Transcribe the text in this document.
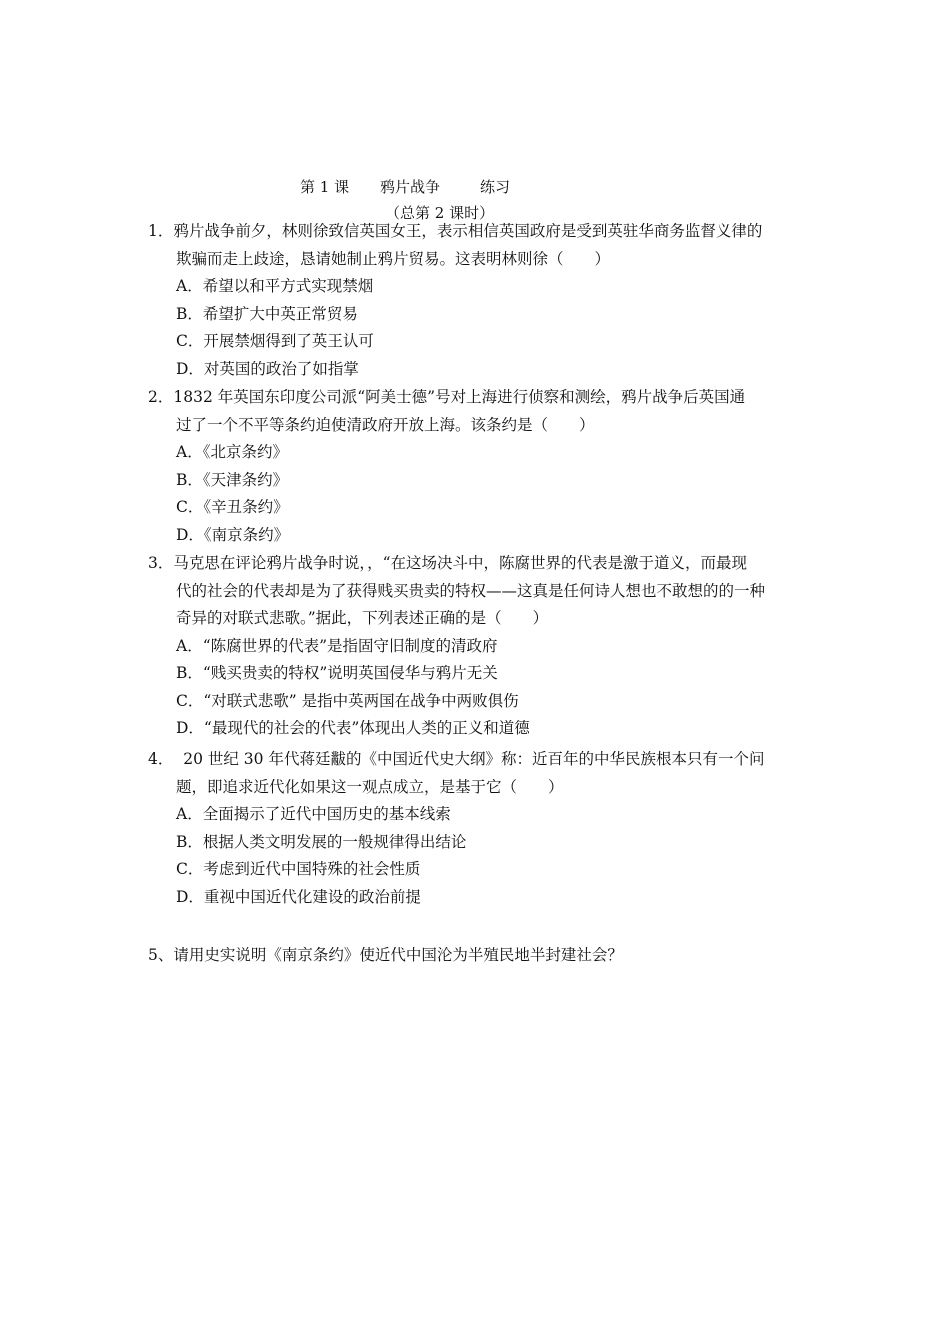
第 1 课 鸦片战争	练习
（总第 2 课时）
1．鸦片战争前夕，林则徐致信英国女王，表示相信英国政府是受到英驻华商务监督义律的
欺骗而走上歧途，恳请她制止鸦片贸易。这表明林则徐（　　）
A．希望以和平方式实现禁烟
B．希望扩大中英正常贸易
C．开展禁烟得到了英王认可
D．对英国的政治了如指掌
2．1832 年英国东印度公司派“阿美士德”号对上海进行侦察和测绘，鸦片战争后英国通
过了一个不平等条约迫使清政府开放上海。该条约是（　　）
A．《北京条约》
B．《天津条约》
C．《辛丑条约》
D．《南京条约》
3．马克思在评论鸦片战争时说，，“在这场决斗中，陈腐世界的代表是激于道义，而最现
代的社会的代表却是为了获得贱买贵卖的特权——这真是任何诗人想也不敢想的的一种
奇异的对联式悲歌。”据此，下列表述正确的是（　　）
A．“陈腐世界的代表”是指固守旧制度的清政府
B．“贱买贵卖的特权”说明英国侵华与鸦片无关
C．“对联式悲歌” 是指中英两国在战争中两败俱伤
D．“最现代的社会的代表”体现出人类的正义和道德
4．  20 世纪 30 年代蒋廷黻的《中国近代史大纲》称：近百年的中华民族根本只有一个问
题，即追求近代化如果这一观点成立，是基于它（　　）
A．全面揭示了近代中国历史的基本线索
B．根据人类文明发展的一般规律得出结论
C．考虑到近代中国特殊的社会性质
D．重视中国近代化建设的政治前提
5、请用史实说明《南京条约》使近代中国沦为半殖民地半封建社会？
